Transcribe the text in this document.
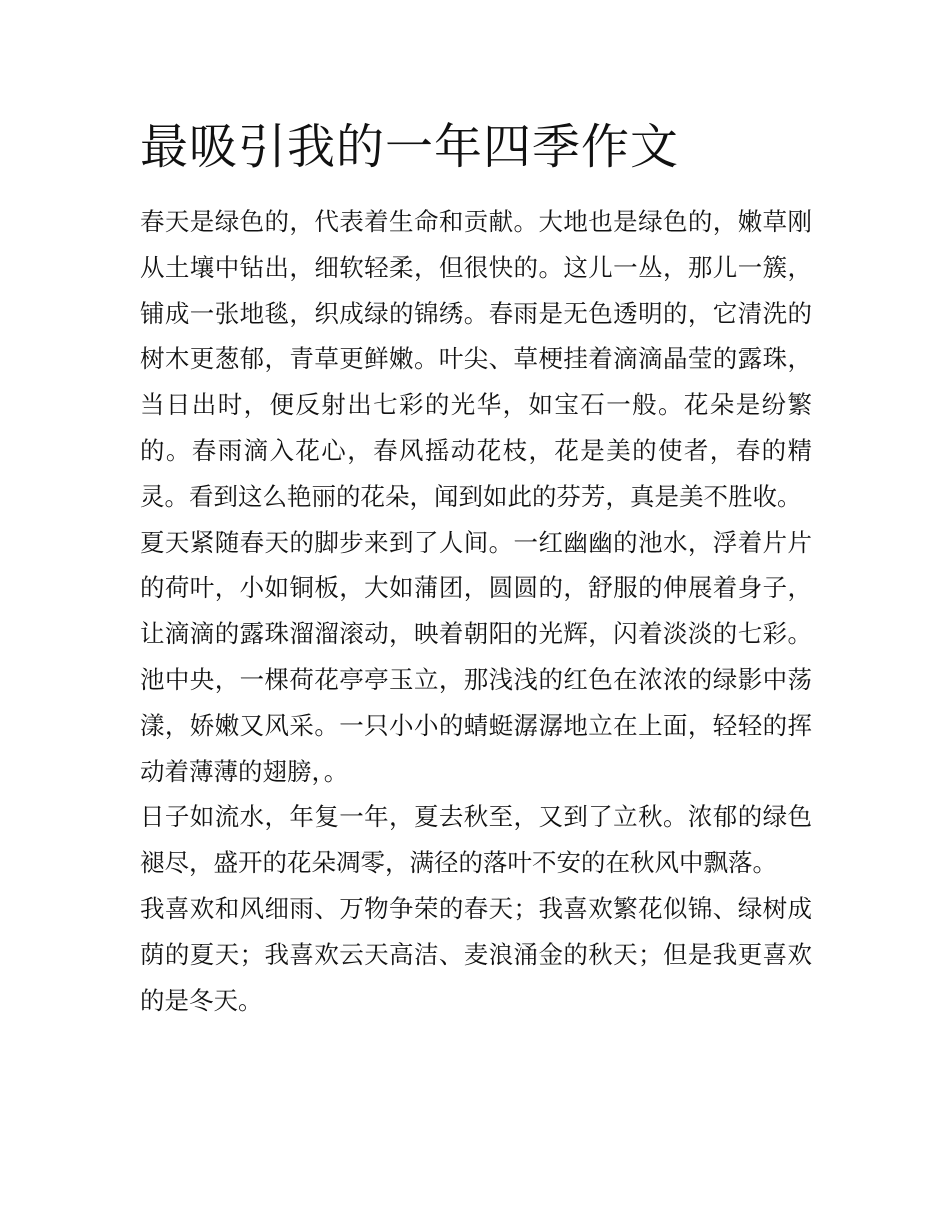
最吸引我的一年四季作文

春天是绿色的，代表着生命和贡献。大地也是绿色的，嫩草刚从土壤中钻出，细软轻柔，但很快的。这儿一丛，那儿一簇，铺成一张地毯，织成绿的锦绣。春雨是无色透明的，它清洗的树木更葱郁，青草更鲜嫩。叶尖、草梗挂着滴滴晶莹的露珠，当日出时，便反射出七彩的光华，如宝石一般。花朵是纷繁的。春雨滴入花心，春风摇动花枝，花是美的使者，春的精灵。看到这么艳丽的花朵，闻到如此的芬芳，真是美不胜收。

夏天紧随春天的脚步来到了人间。一红幽幽的池水，浮着片片的荷叶，小如铜板，大如蒲团，圆圆的，舒服的伸展着身子，让滴滴的露珠溜溜滚动，映着朝阳的光辉，闪着淡淡的七彩。池中央，一棵荷花亭亭玉立，那浅浅的红色在浓浓的绿影中荡漾，娇嫩又风采。一只小小的蜻蜓潺潺地立在上面，轻轻的挥动着薄薄的翅膀，。

日子如流水，年复一年，夏去秋至，又到了立秋。浓郁的绿色褪尽，盛开的花朵凋零，满径的落叶不安的在秋风中飘落。

我喜欢和风细雨、万物争荣的春天；我喜欢繁花似锦、绿树成荫的夏天；我喜欢云天高洁、麦浪涌金的秋天；但是我更喜欢的是冬天。
